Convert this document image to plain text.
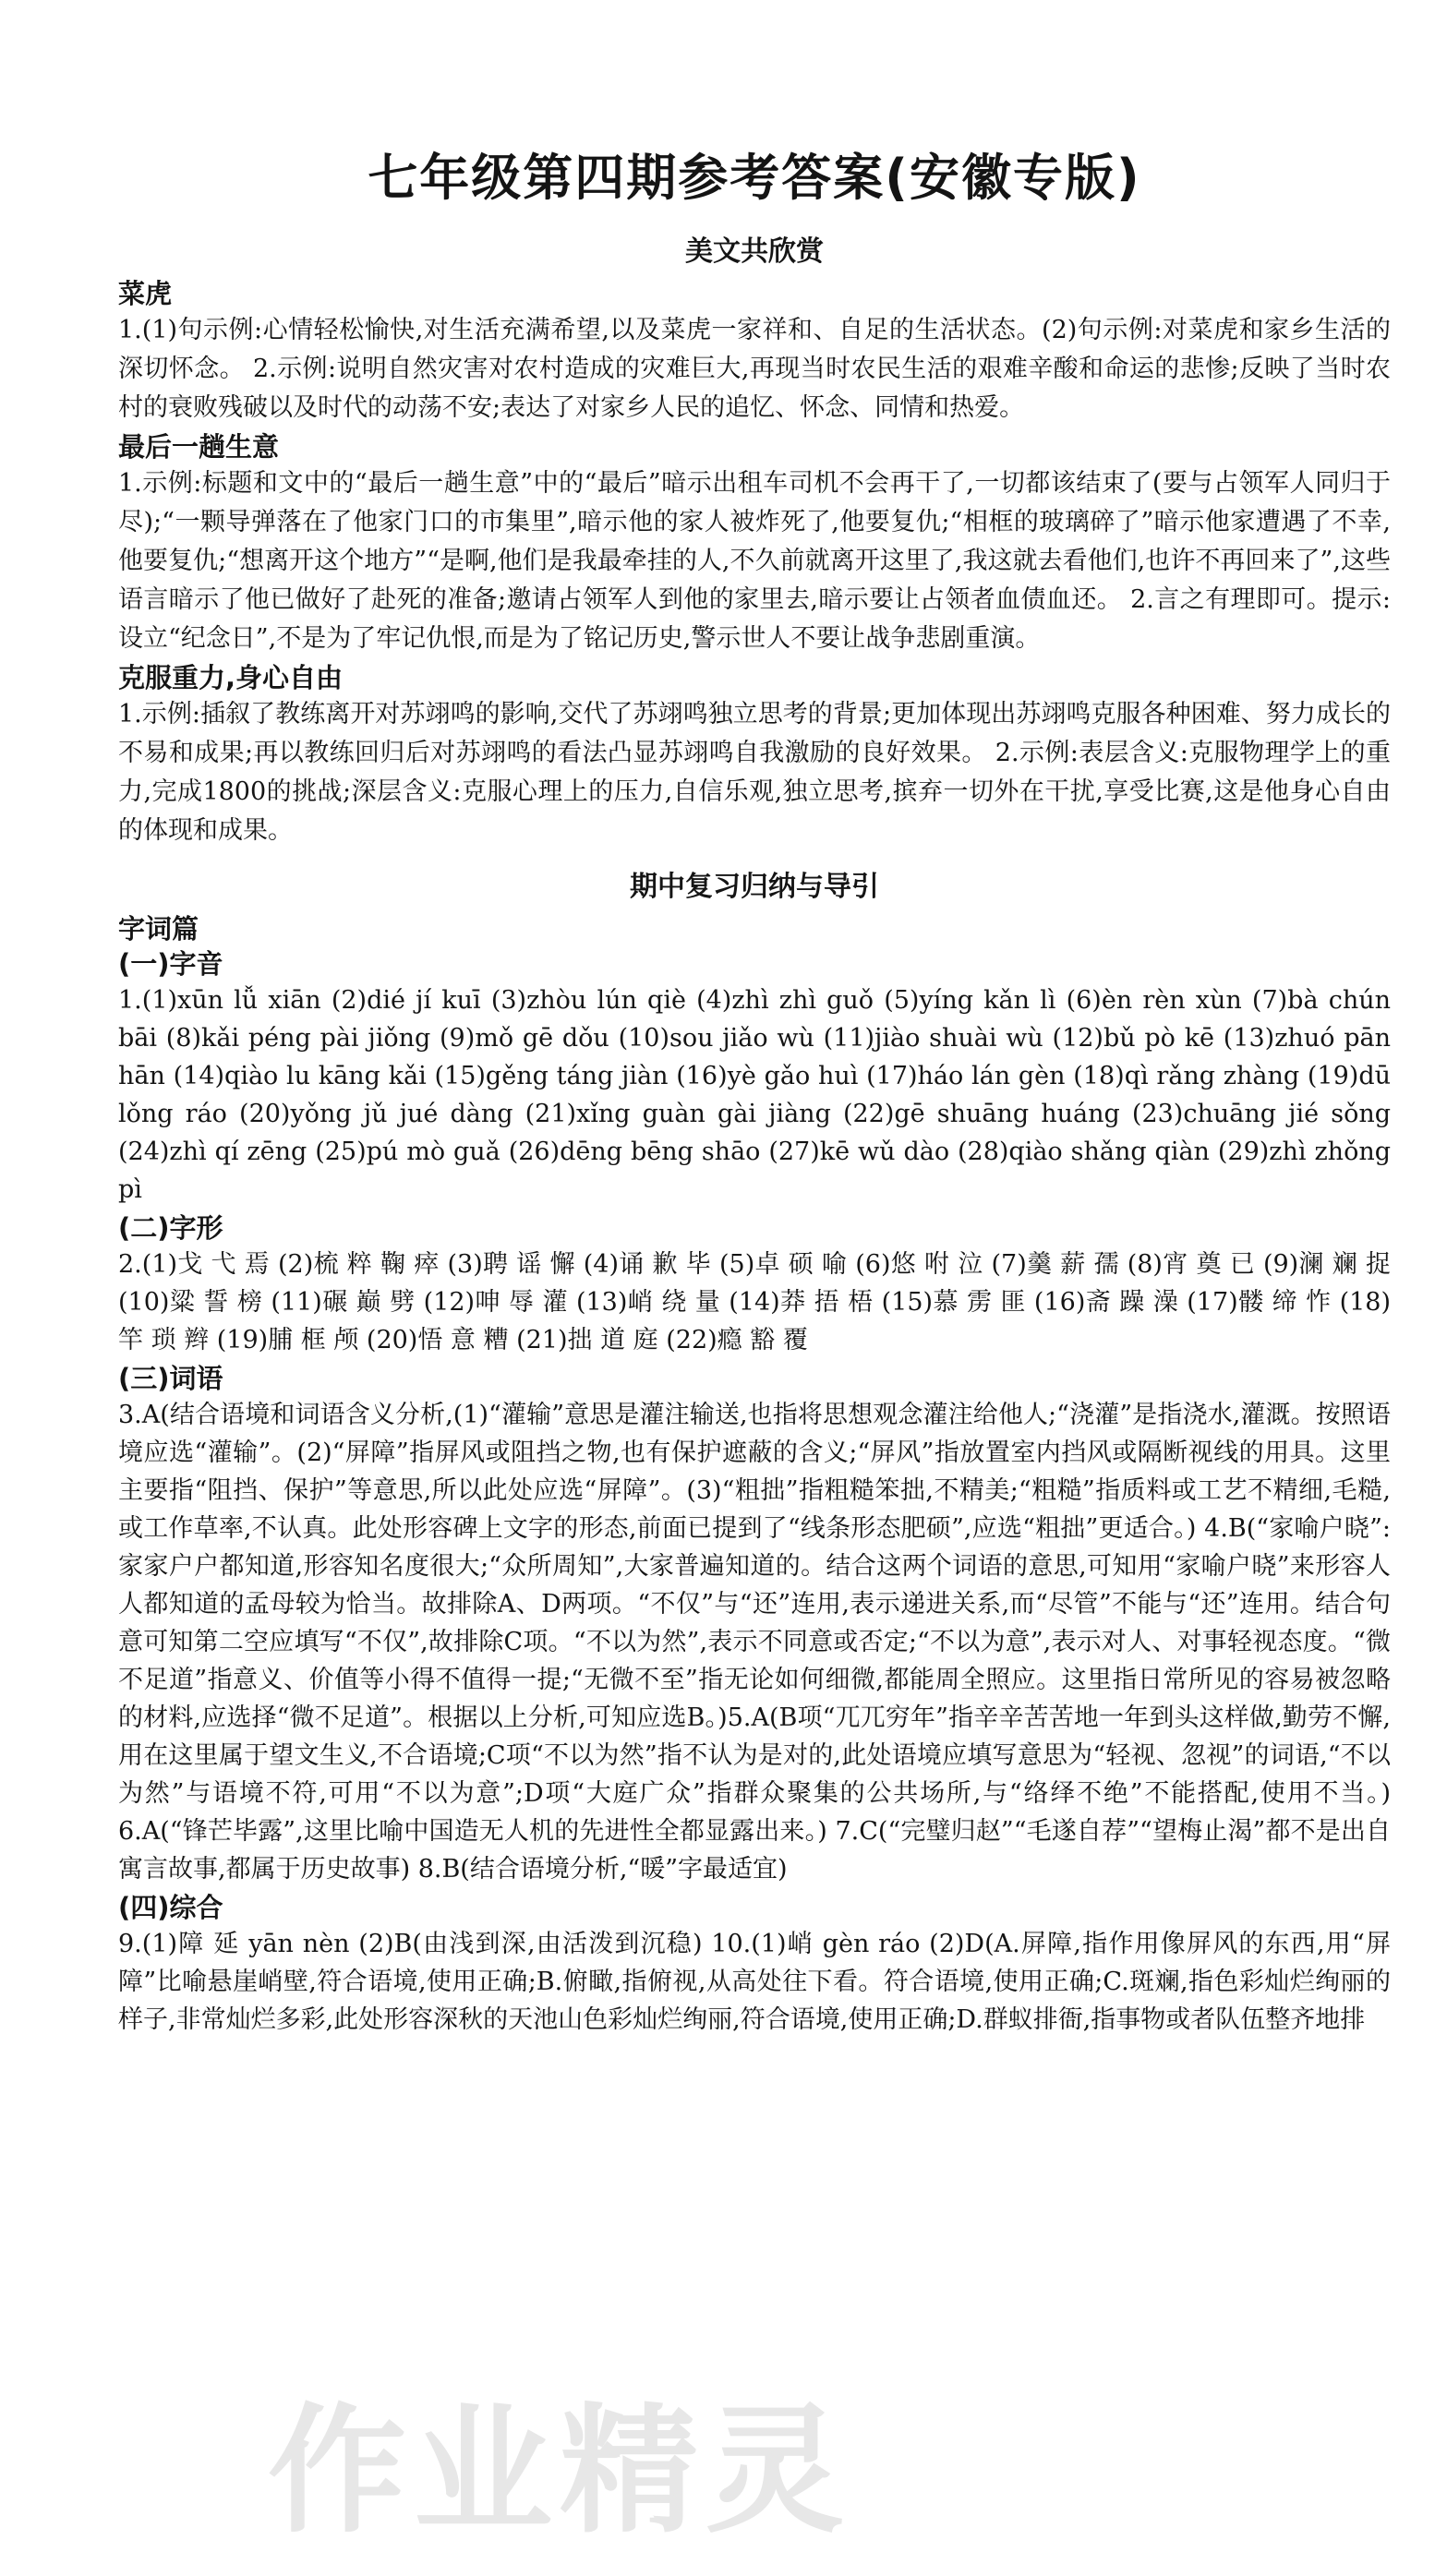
七年级第四期参考答案(安徽专版)
美文共欣赏
菜虎

1.(1)句示例:心情轻松愉快,对生活充满希望,以及菜虎一家祥和、自足的生活状态。(2)句示例:对菜虎和家乡生活的深切怀念。 2.示例:说明自然灾害对农村造成的灾难巨大,再现当时农民生活的艰难辛酸和命运的悲惨;反映了当时农村的衰败残破以及时代的动荡不安;表达了对家乡人民的追忆、怀念、同情和热爱。

最后一趟生意

1.示例:标题和文中的“最后一趟生意”中的“最后”暗示出租车司机不会再干了,一切都该结束了(要与占领军人同归于尽);“一颗导弹落在了他家门口的市集里”,暗示他的家人被炸死了,他要复仇;“相框的玻璃碎了”暗示他家遭遇了不幸,他要复仇;“想离开这个地方”“是啊,他们是我最牵挂的人,不久前就离开这里了,我这就去看他们,也许不再回来了”,这些语言暗示了他已做好了赴死的准备;邀请占领军人到他的家里去,暗示要让占领者血债血还。 2.言之有理即可。提示:设立“纪念日”,不是为了牢记仇恨,而是为了铭记历史,警示世人不要让战争悲剧重演。

克服重力,身心自由

1.示例:插叙了教练离开对苏翊鸣的影响,交代了苏翊鸣独立思考的背景;更加体现出苏翊鸣克服各种困难、努力成长的不易和成果;再以教练回归后对苏翊鸣的看法凸显苏翊鸣自我激励的良好效果。 2.示例:表层含义:克服物理学上的重力,完成1800的挑战;深层含义:克服心理上的压力,自信乐观,独立思考,摈弃一切外在干扰,享受比赛,这是他身心自由的体现和成果。

期中复习归纳与导引
字词篇
(一)字音

1.(1)xūn lǚ xiān (2)dié jí kuī (3)zhòu lún qiè (4)zhì zhì guǒ (5)yíng kǎn lì (6)èn rèn xùn (7)bà chún bāi (8)kǎi péng pài jiǒng (9)mǒ gē dǒu (10)sou jiǎo wù (11)jiào shuài wù (12)bǔ pò kē (13)zhuó pān hān (14)qiào lu kāng kǎi (15)gěng táng jiàn (16)yè gǎo huì (17)háo lán gèn (18)qì rǎng zhàng (19)dū lǒng ráo (20)yǒng jǔ jué dàng (21)xǐng guàn gài jiàng (22)gē shuāng huáng (23)chuāng jié sǒng (24)zhì qí zēng (25)pú mò guǎ (26)dēng bēng shāo (27)kē wǔ dào (28)qiào shǎng qiàn (29)zhì zhǒng pì

(二)字形

2.(1)戈 弋 焉 (2)梳 粹 鞠 瘁 (3)聘 谣 懈 (4)诵 歉 毕 (5)卓 硕 喻 (6)悠 咐 泣 (7)羹 薪 孺 (8)宵 奠 已 (9)澜 斓 捉 (10)粱 誓 榜 (11)碾 巅 劈 (12)呻 辱 灌 (13)峭 绕 量 (14)莽 捂 梧 (15)慕 雳 匪 (16)斋 躁 澡 (17)髅 缔 怍 (18)竿 琐 辫 (19)脯 框 颅 (20)悟 意 糟 (21)拙 道 庭 (22)瘾 豁 覆

(三)词语

3.A(结合语境和词语含义分析,(1)“灌输”意思是灌注输送,也指将思想观念灌注给他人;“浇灌”是指浇水,灌溉。按照语境应选“灌输”。(2)“屏障”指屏风或阻挡之物,也有保护遮蔽的含义;“屏风”指放置室内挡风或隔断视线的用具。这里主要指“阻挡、保护”等意思,所以此处应选“屏障”。(3)“粗拙”指粗糙笨拙,不精美;“粗糙”指质料或工艺不精细,毛糙,或工作草率,不认真。此处形容碑上文字的形态,前面已提到了“线条形态肥硕”,应选“粗拙”更适合。) 4.B(“家喻户晓”:家家户户都知道,形容知名度很大;“众所周知”,大家普遍知道的。结合这两个词语的意思,可知用“家喻户晓”来形容人人都知道的孟母较为恰当。故排除A、D两项。“不仅”与“还”连用,表示递进关系,而“尽管”不能与“还”连用。结合句意可知第二空应填写“不仅”,故排除C项。“不以为然”,表示不同意或否定;“不以为意”,表示对人、对事轻视态度。“微不足道”指意义、价值等小得不值得一提;“无微不至”指无论如何细微,都能周全照应。这里指日常所见的容易被忽略的材料,应选择“微不足道”。根据以上分析,可知应选B。)5.A(B项“兀兀穷年”指辛辛苦苦地一年到头这样做,勤劳不懈,用在这里属于望文生义,不合语境;C项“不以为然”指不认为是对的,此处语境应填写意思为“轻视、忽视”的词语,“不以为然”与语境不符,可用“不以为意”;D项“大庭广众”指群众聚集的公共场所,与“络绎不绝”不能搭配,使用不当。) 6.A(“锋芒毕露”,这里比喻中国造无人机的先进性全都显露出来。) 7.C(“完璧归赵”“毛遂自荐”“望梅止渴”都不是出自寓言故事,都属于历史故事) 8.B(结合语境分析,“暖”字最适宜)

(四)综合

9.(1)障 延 yān nèn (2)B(由浅到深,由活泼到沉稳) 10.(1)峭 gèn ráo (2)D(A.屏障,指作用像屏风的东西,用“屏障”比喻悬崖峭壁,符合语境,使用正确;B.俯瞰,指俯视,从高处往下看。符合语境,使用正确;C.斑斓,指色彩灿烂绚丽的样子,非常灿烂多彩,此处形容深秋的天池山色彩灿烂绚丽,符合语境,使用正确;D.群蚁排衙,指事物或者队伍整齐地排

作业精灵
